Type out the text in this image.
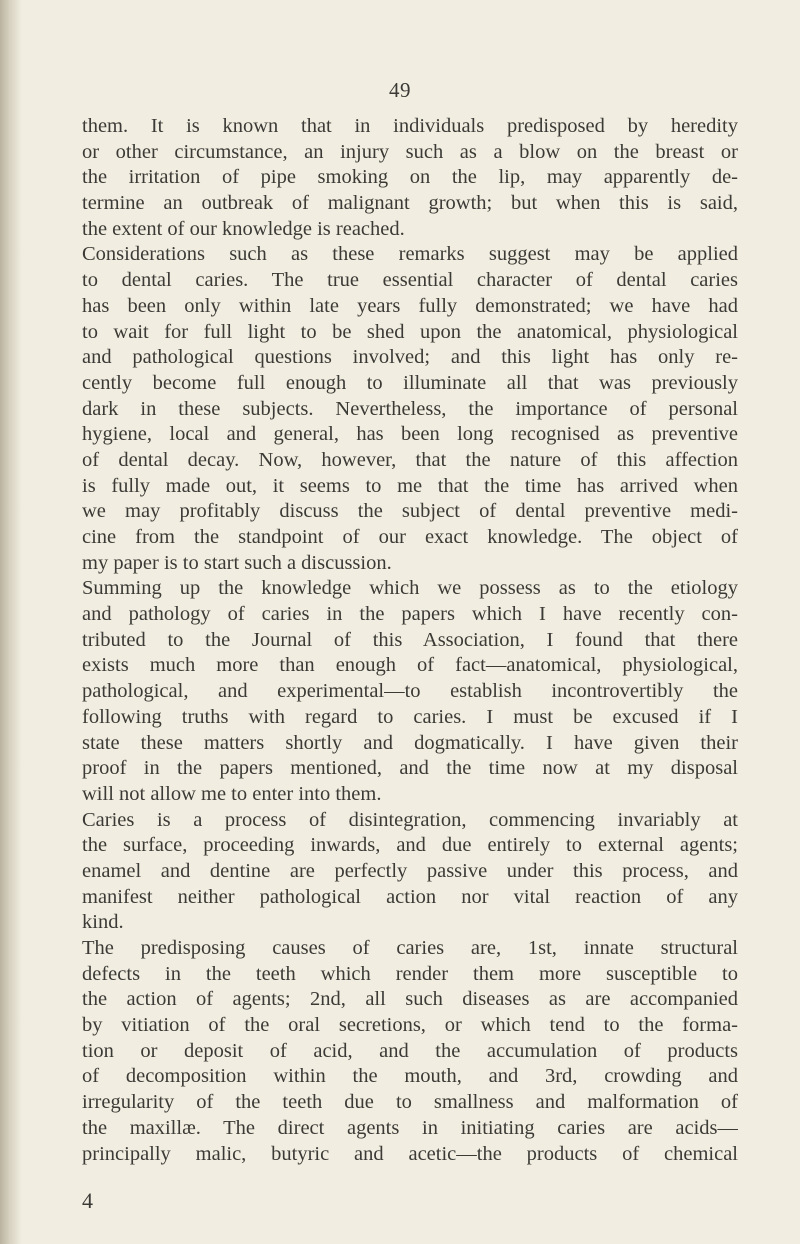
49
them. It is known that in individuals predisposed by heredity
or other circumstance, an injury such as a blow on the breast or
the irritation of pipe smoking on the lip, may apparently de-
termine an outbreak of malignant growth; but when this is said,
the extent of our knowledge is reached.
Considerations such as these remarks suggest may be applied
to dental caries. The true essential character of dental caries
has been only within late years fully demonstrated; we have had
to wait for full light to be shed upon the anatomical, physiological
and pathological questions involved; and this light has only re-
cently become full enough to illuminate all that was previously
dark in these subjects. Nevertheless, the importance of personal
hygiene, local and general, has been long recognised as preventive
of dental decay. Now, however, that the nature of this affection
is fully made out, it seems to me that the time has arrived when
we may profitably discuss the subject of dental preventive medi-
cine from the standpoint of our exact knowledge. The object of
my paper is to start such a discussion.
Summing up the knowledge which we possess as to the etiology
and pathology of caries in the papers which I have recently con-
tributed to the Journal of this Association, I found that there
exists much more than enough of fact—anatomical, physiological,
pathological, and experimental—to establish incontrovertibly the
following truths with regard to caries. I must be excused if I
state these matters shortly and dogmatically. I have given their
proof in the papers mentioned, and the time now at my disposal
will not allow me to enter into them.
Caries is a process of disintegration, commencing invariably at
the surface, proceeding inwards, and due entirely to external agents;
enamel and dentine are perfectly passive under this process, and
manifest neither pathological action nor vital reaction of any
kind.
The predisposing causes of caries are, 1st, innate structural
defects in the teeth which render them more susceptible to
the action of agents; 2nd, all such diseases as are accompanied
by vitiation of the oral secretions, or which tend to the forma-
tion or deposit of acid, and the accumulation of products
of decomposition within the mouth, and 3rd, crowding and
irregularity of the teeth due to smallness and malformation of
the maxillæ. The direct agents in initiating caries are acids—
principally malic, butyric and acetic—the products of chemical
4
